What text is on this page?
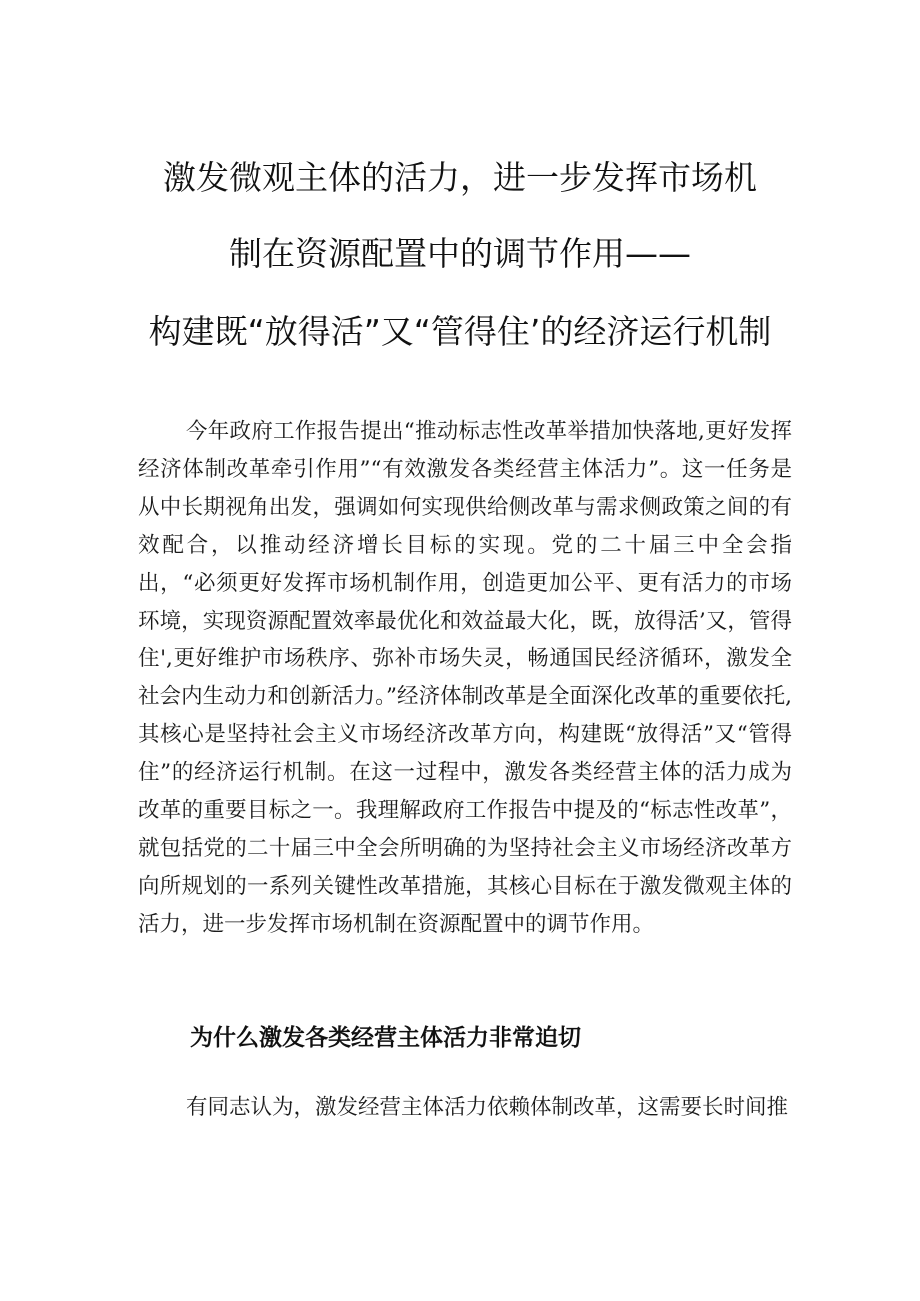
激发微观主体的活力，进一步发挥市场机
制在资源配置中的调节作用——
构建既“放得活”又“管得住’的经济运行机制

今年政府工作报告提出“推动标志性改革举措加快落地,更好发挥经济体制改革牵引作用”“有效激发各类经营主体活力”。这一任务是从中长期视角出发，强调如何实现供给侧改革与需求侧政策之间的有效配合，以推动经济增长目标的实现。党的二十届三中全会指出，“必须更好发挥市场机制作用，创造更加公平、更有活力的市场环境，实现资源配置效率最优化和效益最大化，既，放得活’又，管得住',更好维护市场秩序、弥补市场失灵，畅通国民经济循环，激发全社会内生动力和创新活力。”经济体制改革是全面深化改革的重要依托,其核心是坚持社会主义市场经济改革方向，构建既“放得活”又“管得住”的经济运行机制。在这一过程中，激发各类经营主体的活力成为改革的重要目标之一。我理解政府工作报告中提及的“标志性改革”，就包括党的二十届三中全会所明确的为坚持社会主义市场经济改革方向所规划的一系列关键性改革措施，其核心目标在于激发微观主体的活力，进一步发挥市场机制在资源配置中的调节作用。

为什么激发各类经营主体活力非常迫切

有同志认为，激发经营主体活力依赖体制改革，这需要长时间推
